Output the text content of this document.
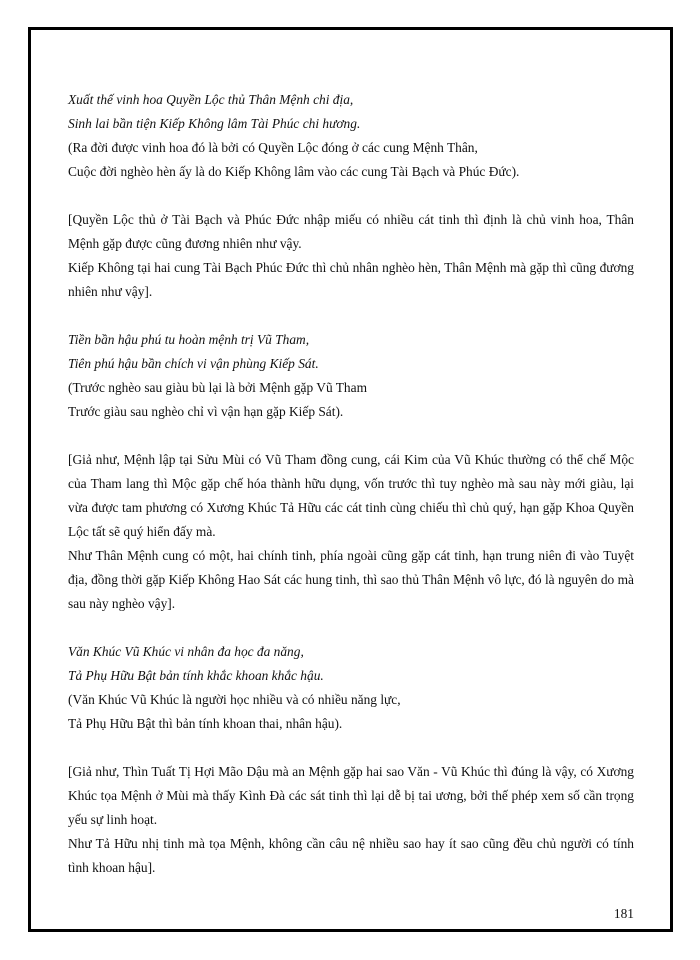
Xuất thế vinh hoa Quyền Lộc thủ Thân Mệnh chi địa,
Sinh lai bần tiện Kiếp Không lâm Tài Phúc chi hương.
(Ra đời được vinh hoa đó là bởi có Quyền Lộc đóng ở các cung Mệnh Thân,
Cuộc đời nghèo hèn ấy là do Kiếp Không lâm vào các cung Tài Bạch và Phúc Đức).

[Quyền Lộc thủ ở Tài Bạch và Phúc Đức nhập miếu có nhiều cát tinh thì định là chủ vinh hoa, Thân Mệnh gặp được cũng đương nhiên như vậy.

Kiếp Không tại hai cung Tài Bạch Phúc Đức thì chủ nhân nghèo hèn, Thân Mệnh mà gặp thì cũng đương nhiên như vậy].

Tiền bần hậu phú tu hoàn mệnh trị Vũ Tham,
Tiên phú hậu bần chích vi vận phùng Kiếp Sát.
(Trước nghèo sau giàu bù lại là bởi Mệnh gặp Vũ Tham
Trước giàu sau nghèo chỉ vì vận hạn gặp Kiếp Sát).

[Giả như, Mệnh lập tại Sửu Mùi có Vũ Tham đồng cung, cái Kim của Vũ Khúc thường có thể chế Mộc của Tham lang thì Mộc gặp chế hóa thành hữu dụng, vốn trước thì tuy nghèo mà sau này mới giàu, lại vừa được tam phương có Xương Khúc Tả Hữu các cát tinh cùng chiếu thì chủ quý, hạn gặp Khoa Quyền Lộc tất sẽ quý hiển đấy mà.

Như Thân Mệnh cung có một, hai chính tinh, phía ngoài cũng gặp cát tinh, hạn trung niên đi vào Tuyệt địa, đồng thời gặp Kiếp Không Hao Sát các hung tinh, thì sao thủ Thân Mệnh vô lực, đó là nguyên do mà sau này nghèo vậy].

Văn Khúc Vũ Khúc vi nhân đa học đa năng,
Tả Phụ Hữu Bật bản tính khắc khoan khắc hậu.
(Văn Khúc Vũ Khúc là người học nhiều và có nhiều năng lực,
Tả Phụ Hữu Bật thì bản tính khoan thai, nhân hậu).

[Giả như, Thìn Tuất Tị Hợi Mão Dậu mà an Mệnh gặp hai sao Văn - Vũ Khúc thì đúng là vậy, có Xương Khúc tọa Mệnh ở Mùi mà thấy Kình Đà các sát tinh thì lại dễ bị tai ương, bởi thế phép xem số cần trọng yếu sự linh hoạt.

Như Tả Hữu nhị tinh mà tọa Mệnh, không cần câu nệ nhiều sao hay ít sao cũng đều chủ người có tính tình khoan hậu].

181
